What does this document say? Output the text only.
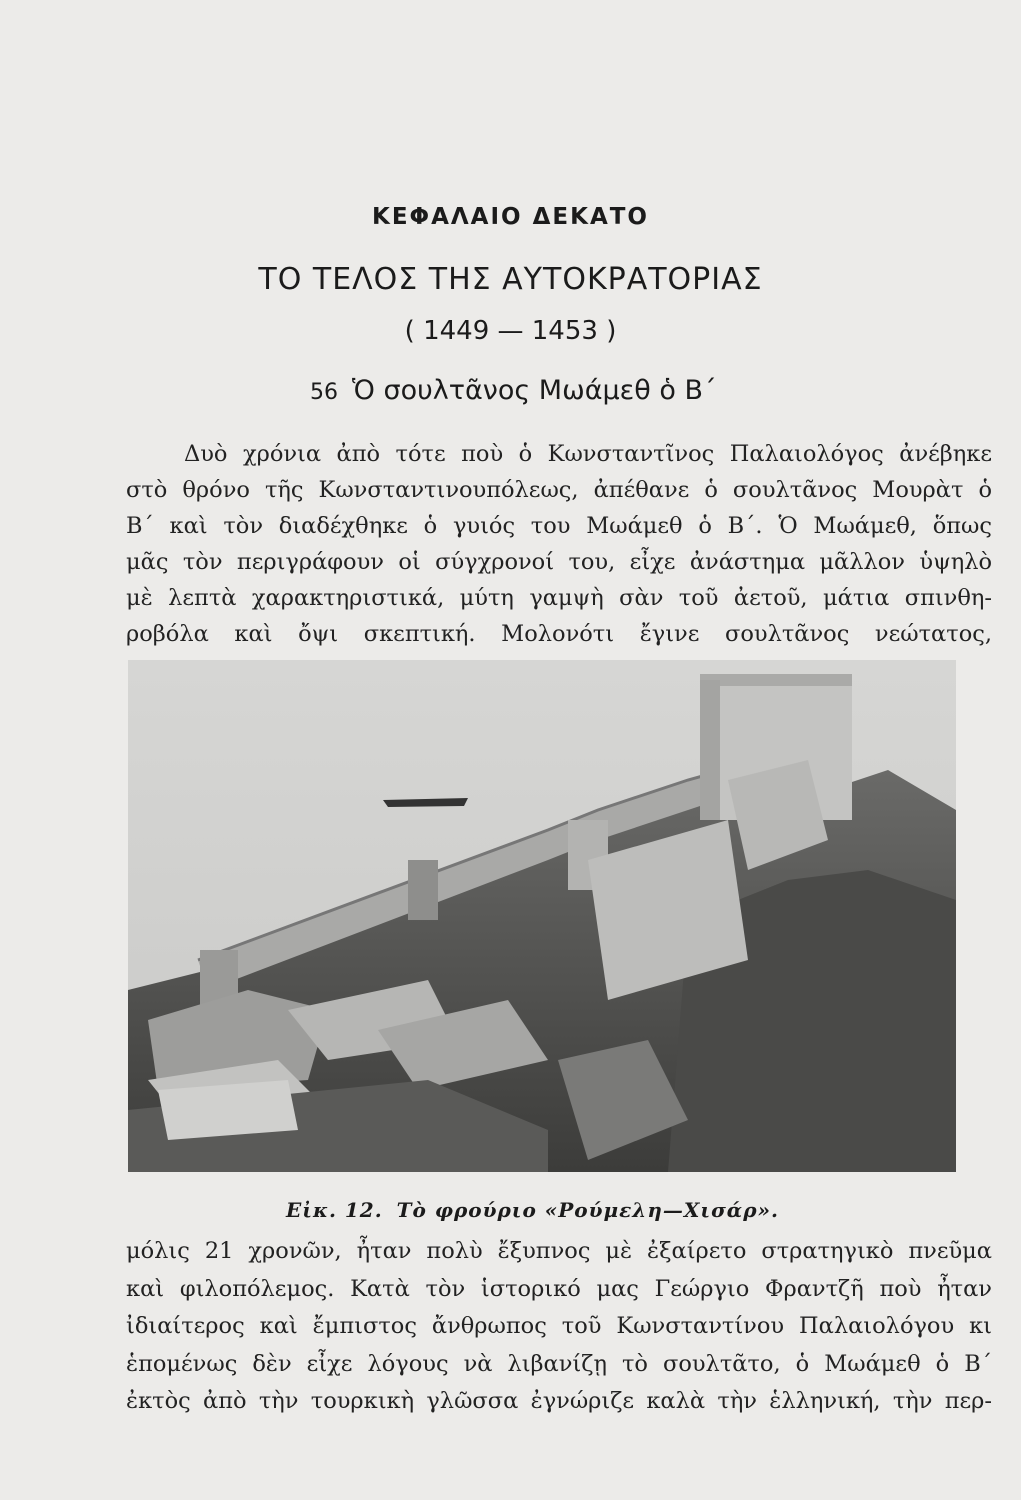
ΚΕΦΑΛΑΙΟ ΔΕΚΑΤΟ
ΤΟ ΤΕΛΟΣ ΤΗΣ ΑΥΤΟΚΡΑΤΟΡΙΑΣ
( 1449 — 1453 )
56 Ὁ σουλτᾶνος Μωάμεθ ὁ Β΄
Δυὸ χρόνια ἀπὸ τότε ποὺ ὁ Κωνσταντῖνος Παλαιολόγος ἀνέβηκε
στὸ θρόνο τῆς Κωνσταντινουπόλεως, ἀπέθανε ὁ σουλτᾶνος Μουρὰτ ὁ
Β΄ καὶ τὸν διαδέχθηκε ὁ γυιός του Μωάμεθ ὁ Β΄. Ὁ Μωάμεθ, ὅπως
μᾶς τὸν περιγράφουν οἱ σύγχρονοί του, εἶχε ἀνάστημα μᾶλλον ὑψηλὸ
μὲ λεπτὰ χαρακτηριστικά, μύτη γαμψὴ σὰν τοῦ ἀετοῦ, μάτια σπινθη-
ροβόλα καὶ ὄψι σκεπτική. Μολονότι ἔγινε σουλτᾶνος νεώτατος,
Εἰκ. 12. Τὸ φρούριο «Ρούμελη—Χισάρ».
μόλις 21 χρονῶν, ἦταν πολὺ ἔξυπνος μὲ ἐξαίρετο στρατηγικὸ πνεῦμα
καὶ φιλοπόλεμος. Κατὰ τὸν ἱστορικό μας Γεώργιο Φραντζῆ ποὺ ἦταν
ἰδιαίτερος καὶ ἔμπιστος ἄνθρωπος τοῦ Κωνσταντίνου Παλαιολόγου κι
ἑπομένως δὲν εἶχε λόγους νὰ λιβανίζῃ τὸ σουλτᾶτο, ὁ Μωάμεθ ὁ Β΄
ἐκτὸς ἀπὸ τὴν τουρκικὴ γλῶσσα ἐγνώριζε καλὰ τὴν ἑλληνική, τὴν περ-
